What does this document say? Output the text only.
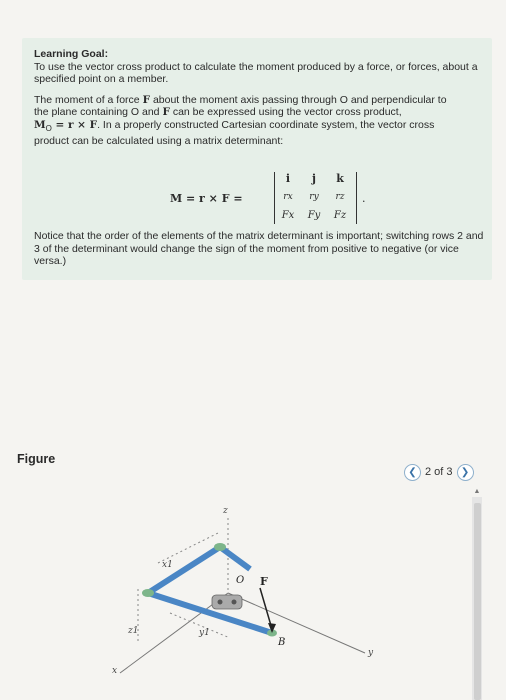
Learning Goal:
To use the vector cross product to calculate the moment produced by a force, or forces, about a specified point on a member.
The moment of a force F about the moment axis passing through O and perpendicular to
the plane containing O and F can be expressed using the vector cross product,
$M_O = r \times F$. In a properly constructed Cartesian coordinate system, the vector cross
product can be calculated using a matrix determinant:
M = r × F =
i	j	k
rx	ry	rz
Fx	Fy	Fz
.
Notice that the order of the elements of the matrix determinant is important; switching rows 2 and 3 of the determinant would change the sign of the moment from positive to negative (or vice versa.)
Figure
❮ 2 of 3 ❯
▲
z
x1
O F
z1	y1
B
y
x
